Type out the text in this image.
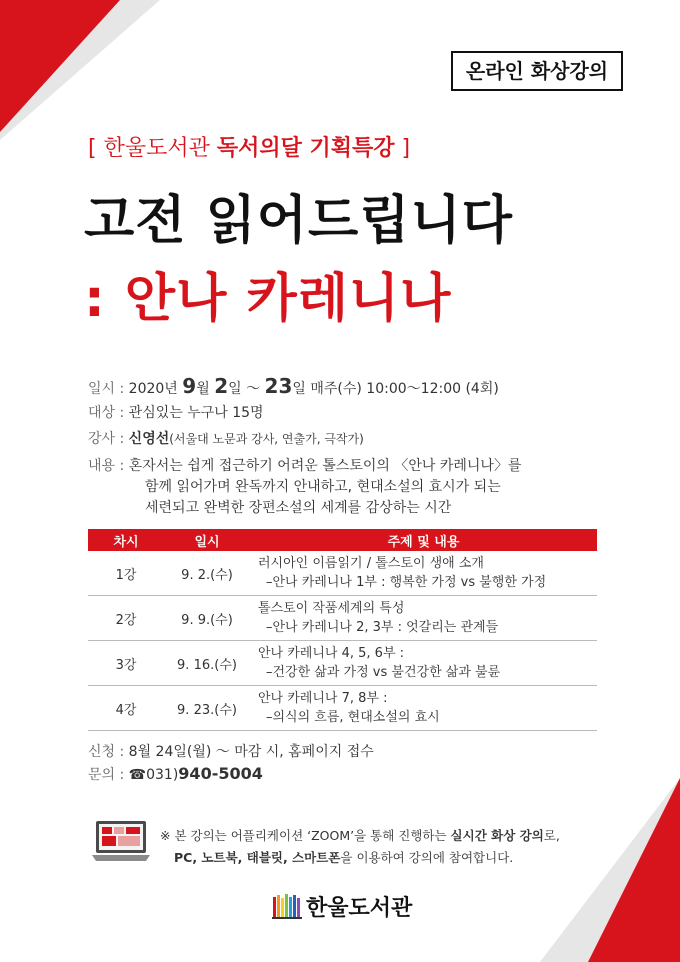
온라인 화상강의
[ 한울도서관 독서의달 기획특강 ]
고전 읽어드립니다
: 안나 카레니나
일시 : 2020년 9월 2일 ～ 23일 매주(수) 10:00～12:00 (4회)
대상 : 관심있는 누구나 15명
강사 : 신영선(서울대 노문과 강사, 연출가, 극작가)
내용 : 혼자서는 쉽게 접근하기 어려운 톨스토이의 〈안나 카레니나〉를
함께 읽어가며 완독까지 안내하고, 현대소설의 효시가 되는
세련되고 완벽한 장편소설의 세계를 감상하는 시간
차시	일시	주제 및 내용
1강	9. 2.(수)	러시아인 이름읽기 / 톨스토이 생애 소개
–안나 카레니나 1부 : 행복한 가정 vs 불행한 가정

2강	9. 9.(수)	톨스토이 작품세계의 특성
–안나 카레니나 2, 3부 : 엇갈리는 관계들

3강	9. 16.(수)	안나 카레니나 4, 5, 6부 :
–건강한 삶과 가정 vs 불건강한 삶과 불륜

4강	9. 23.(수)	안나 카레니나 7, 8부 :
–의식의 흐름, 현대소설의 효시
신청 : 8월 24일(월) ～ 마감 시, 홈페이지 접수
문의 : ☎031)940-5004
※ 본 강의는 어플리케이션 ‘ZOOM’을 통해 진행하는 실시간 화상 강의로,
PC, 노트북, 태블릿, 스마트폰을 이용하여 강의에 참여합니다.
한울도서관
